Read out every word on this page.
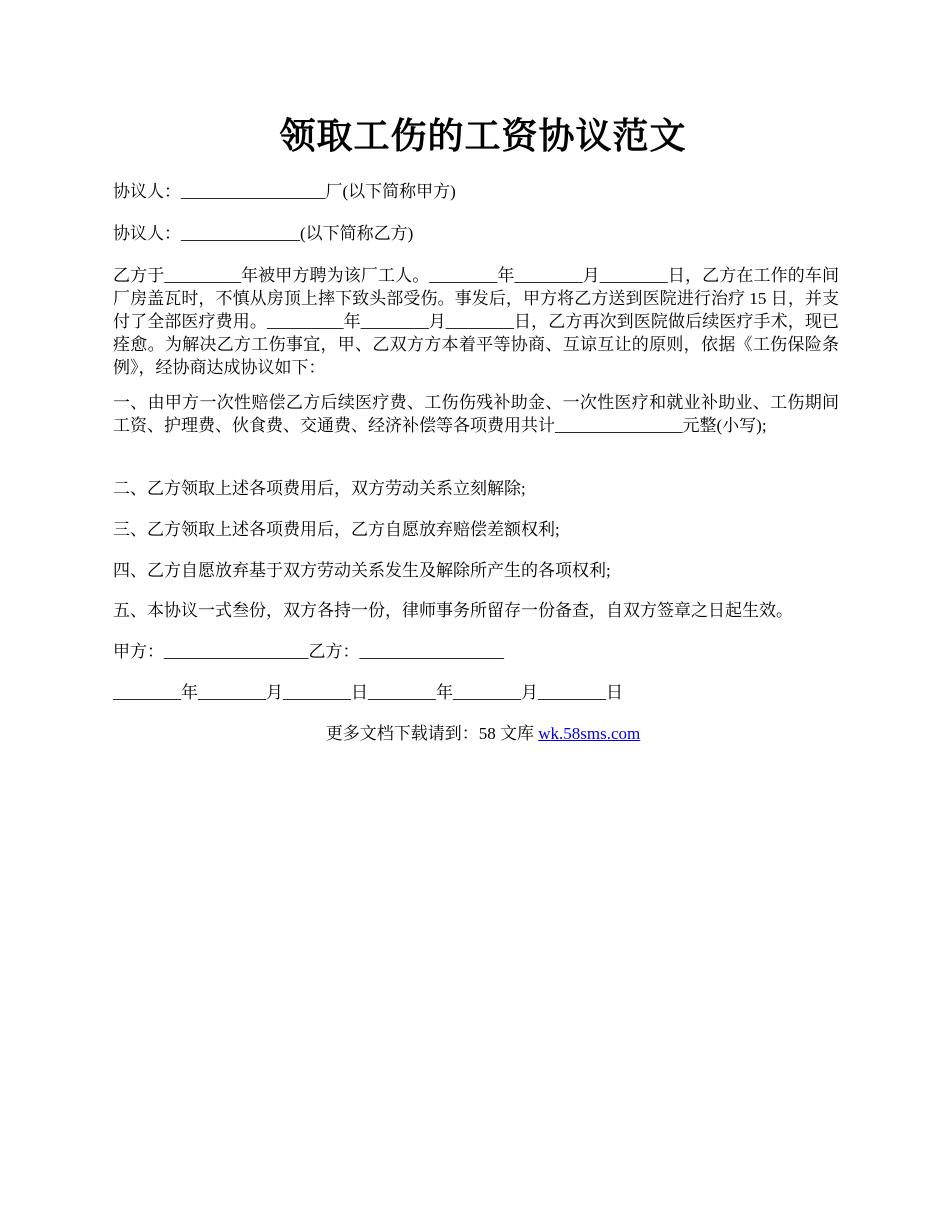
领取工伤的工资协议范文

协议人：_________________厂(以下简称甲方)

协议人：______________(以下简称乙方)

乙方于_________年被甲方聘为该厂工人。________年________月________日，乙方在工作的车间厂房盖瓦时，不慎从房顶上摔下致头部受伤。事发后，甲方将乙方送到医院进行治疗 15 日，并支付了全部医疗费用。_________年________月________日，乙方再次到医院做后续医疗手术，现已痊愈。为解决乙方工伤事宜，甲、乙双方方本着平等协商、互谅互让的原则，依据《工伤保险条例》，经协商达成协议如下：

一、由甲方一次性赔偿乙方后续医疗费、工伤伤残补助金、一次性医疗和就业补助业、工伤期间工资、护理费、伙食费、交通费、经济补偿等各项费用共计_______________元整(小写);

二、乙方领取上述各项费用后，双方劳动关系立刻解除;

三、乙方领取上述各项费用后，乙方自愿放弃赔偿差额权利;

四、乙方自愿放弃基于双方劳动关系发生及解除所产生的各项权利;

五、本协议一式叁份，双方各持一份，律师事务所留存一份备查，自双方签章之日起生效。

甲方：_________________乙方：_________________

________年________月________日________年________月________日

更多文档下载请到：58 文库 wk.58sms.com
